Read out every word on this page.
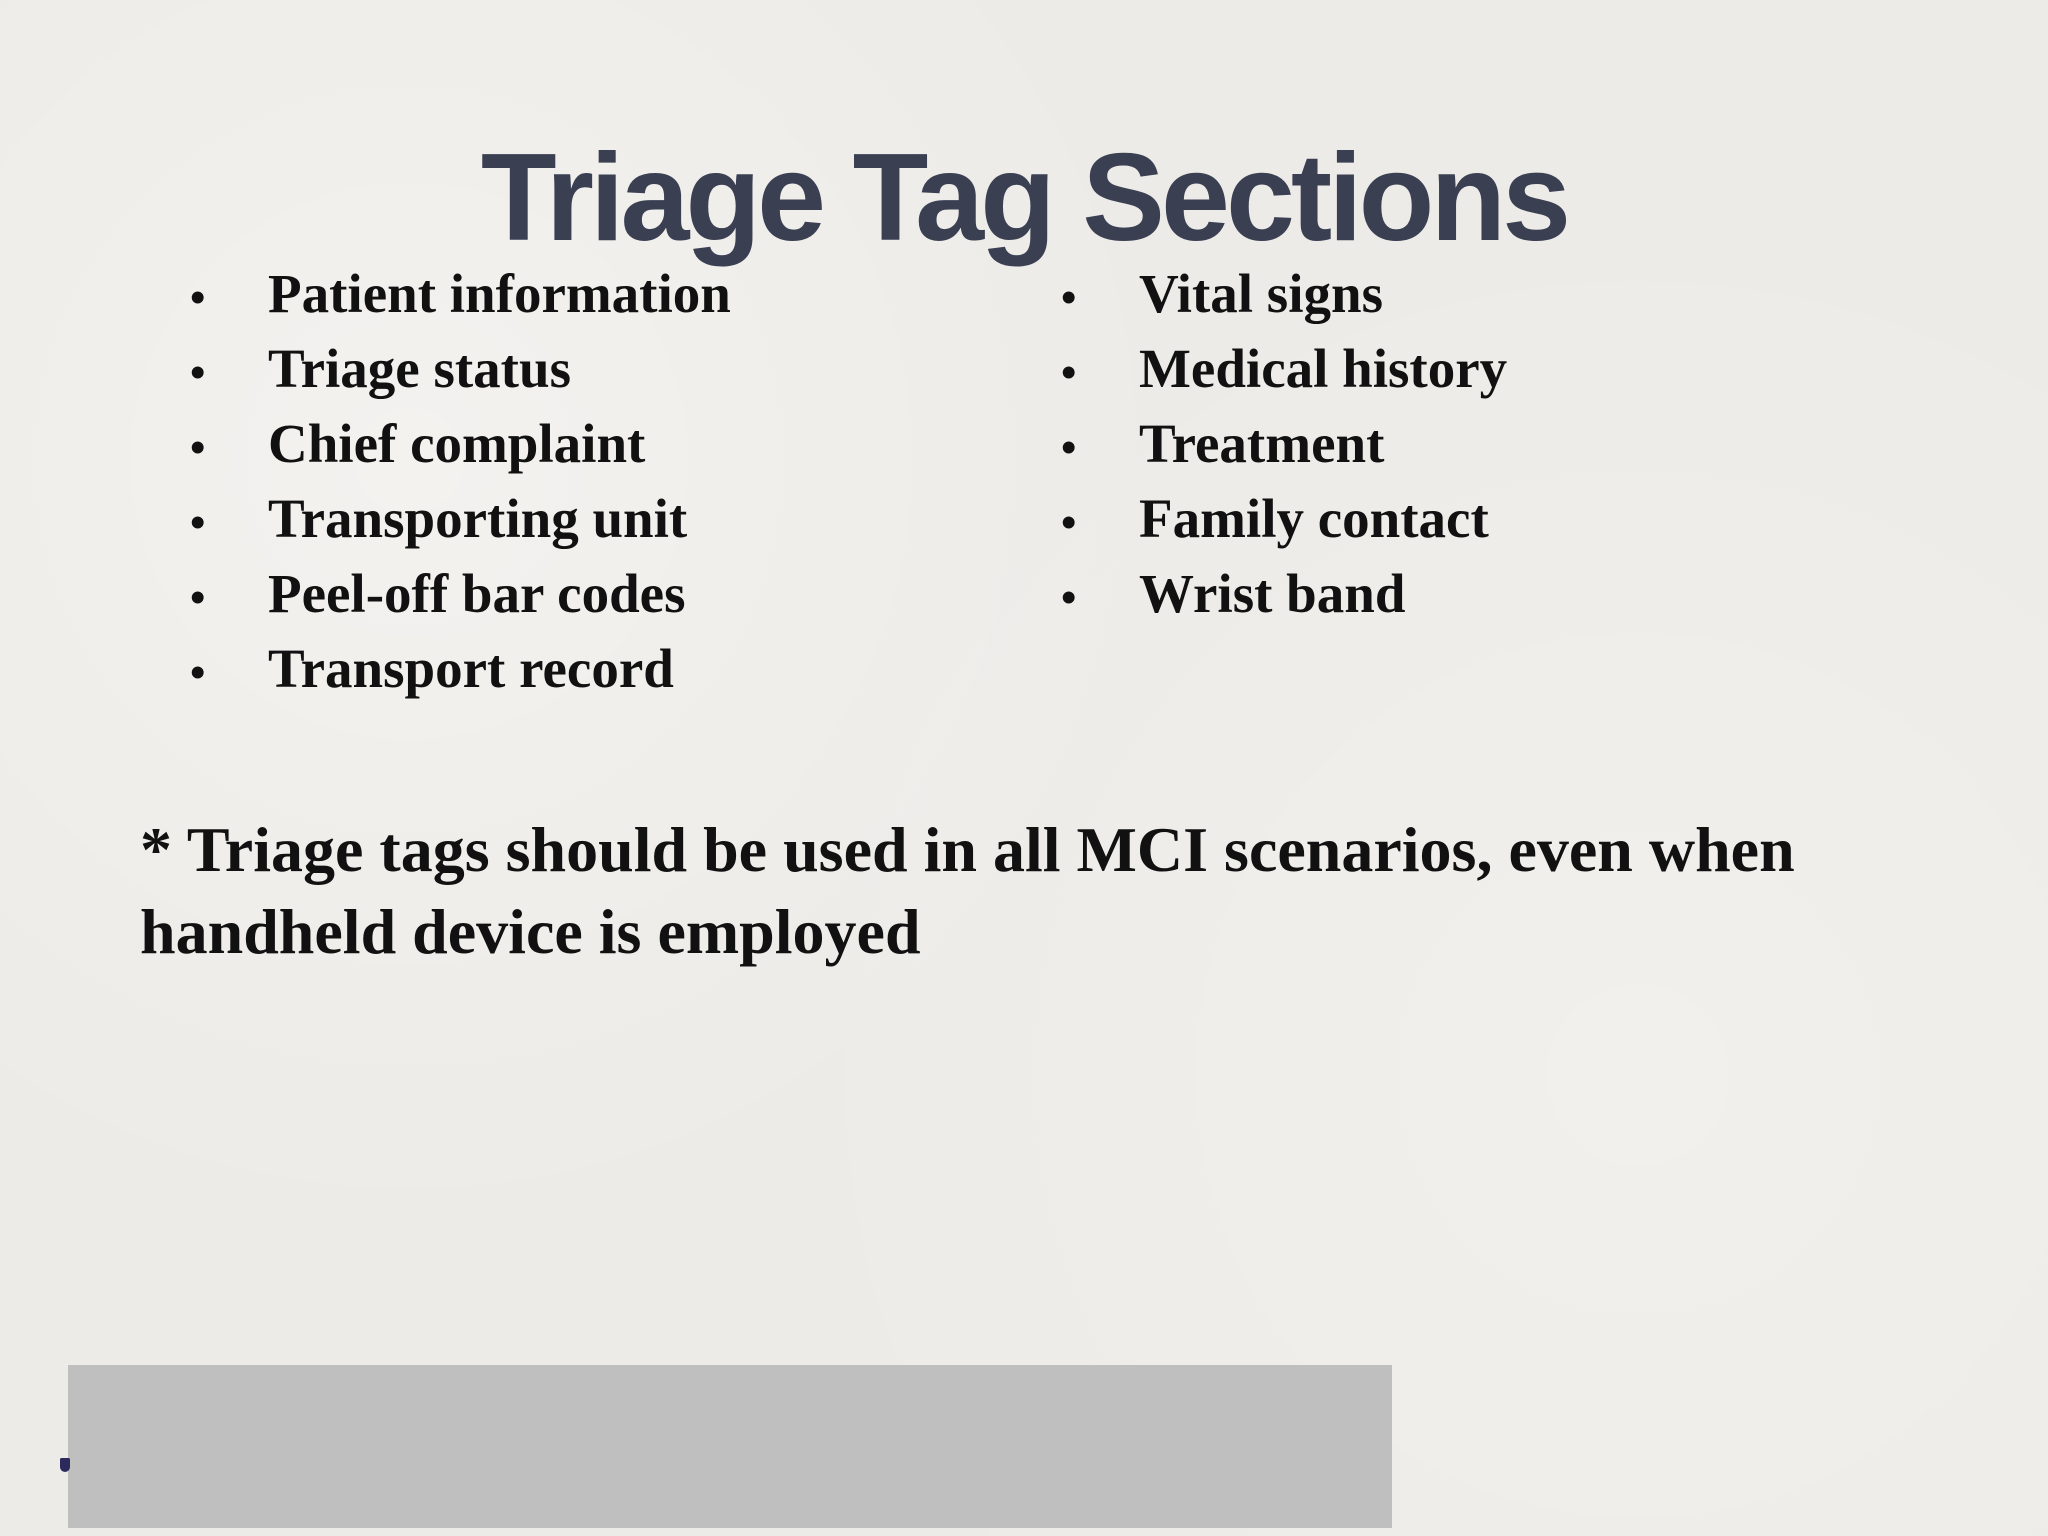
Triage Tag Sections
•	Patient information
•	Triage status
•	Chief complaint
•	Transporting unit
•	Peel-off bar codes
•	Transport record
•	Vital signs
•	Medical history
•	Treatment
•	Family contact
•	Wrist band

* Triage tags should be used in all MCI scenarios, even when handheld device is employed
